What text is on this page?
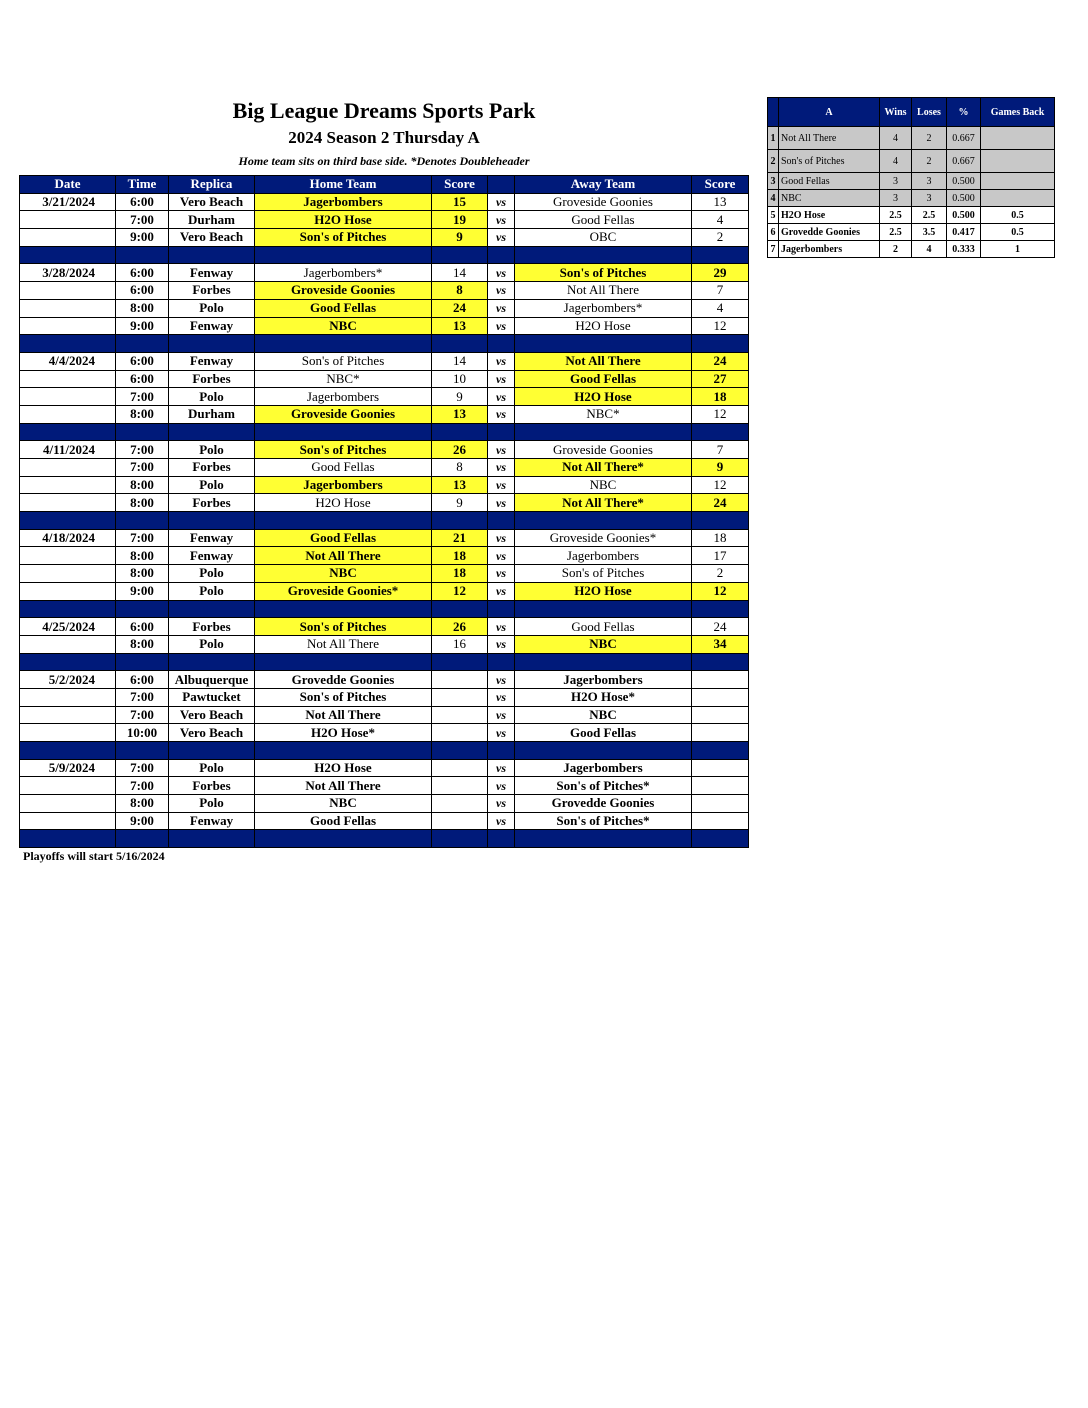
Big League Dreams Sports Park
2024 Season 2 Thursday A
Home team sits on third base side. *Denotes Doubleheader
Date	Time	Replica	Home Team	Score		Away Team	Score
3/21/2024	6:00	Vero Beach	Jagerbombers	15	vs	Groveside Goonies	13
	7:00	Durham	H2O Hose	19	vs	Good Fellas	4
	9:00	Vero Beach	Son's of Pitches	9	vs	OBC	2

3/28/2024	6:00	Fenway	Jagerbombers*	14	vs	Son's of Pitches	29
	6:00	Forbes	Groveside Goonies	8	vs	Not All There	7
	8:00	Polo	Good Fellas	24	vs	Jagerbombers*	4
	9:00	Fenway	NBC	13	vs	H2O Hose	12

4/4/2024	6:00	Fenway	Son's of Pitches	14	vs	Not All There	24
	6:00	Forbes	NBC*	10	vs	Good Fellas	27
	7:00	Polo	Jagerbombers	9	vs	H2O Hose	18
	8:00	Durham	Groveside Goonies	13	vs	NBC*	12

4/11/2024	7:00	Polo	Son's of Pitches	26	vs	Groveside Goonies	7
	7:00	Forbes	Good Fellas	8	vs	Not All There*	9
	8:00	Polo	Jagerbombers	13	vs	NBC	12
	8:00	Forbes	H2O Hose	9	vs	Not All There*	24

4/18/2024	7:00	Fenway	Good Fellas	21	vs	Groveside Goonies*	18
	8:00	Fenway	Not All There	18	vs	Jagerbombers	17
	8:00	Polo	NBC	18	vs	Son's of Pitches	2
	9:00	Polo	Groveside Goonies*	12	vs	H2O Hose	12

4/25/2024	6:00	Forbes	Son's of Pitches	26	vs	Good Fellas	24
	8:00	Polo	Not All There	16	vs	NBC	34

5/2/2024	6:00	Albuquerque	Grovedde Goonies		vs	Jagerbombers	
	7:00	Pawtucket	Son's of Pitches		vs	H2O Hose*	
	7:00	Vero Beach	Not All There		vs	NBC	
	10:00	Vero Beach	H2O Hose*		vs	Good Fellas	

5/9/2024	7:00	Polo	H2O Hose		vs	Jagerbombers	
	7:00	Forbes	Not All There		vs	Son's of Pitches*	
	8:00	Polo	NBC		vs	Grovedde Goonies	
	9:00	Fenway	Good Fellas		vs	Son's of Pitches*	

Playoffs will start 5/16/2024
	A	Wins	Loses	%	Games Back
1	Not All There	4	2	0.667	
2	Son's of Pitches	4	2	0.667	
3	Good Fellas	3	3	0.500	
4	NBC	3	3	0.500	
5	H2O Hose	2.5	2.5	0.500	0.5
6	Grovedde Goonies	2.5	3.5	0.417	0.5
7	Jagerbombers	2	4	0.333	1
